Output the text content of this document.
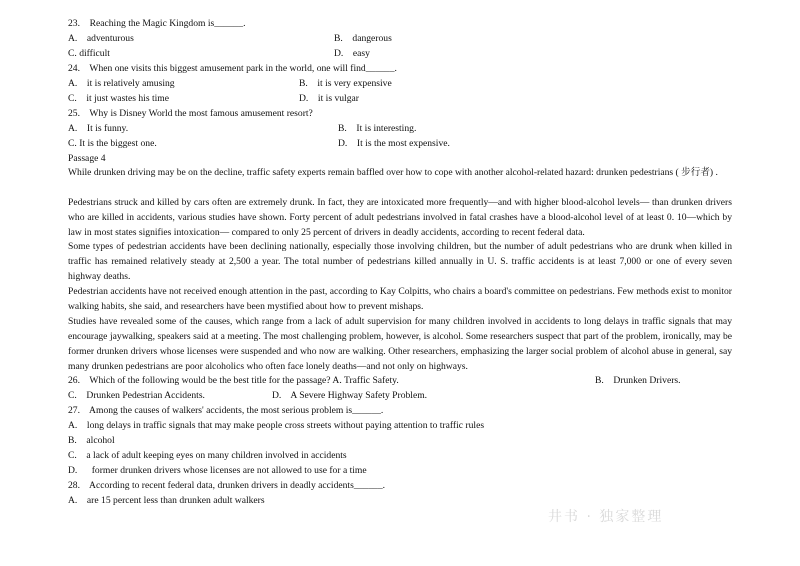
23.    Reaching the Magic Kingdom is______.
A.    adventurous	B.    dangerous
C. difficult	D.    easy
24.    When one visits this biggest amusement park in the world, one will find______.
A.    it is relatively amusing	B.    it is very expensive
C.    it just wastes his time	D.    it is vulgar
25.    Why is Disney World the most famous amusement resort?
A.    It is funny.	B.    It is interesting.
C. It is the biggest one.	D.    It is the most expensive.
Passage 4
While drunken driving may be on the decline, traffic safety experts remain baffled over how to cope with another alcohol-related hazard: drunken pedestrians ( 步行者) .
Pedestrians struck and killed by cars often are extremely drunk. In fact, they are intoxicated more frequently—and with higher blood-alcohol levels— than drunken drivers who are killed in accidents, various studies have shown. Forty percent of adult pedestrians involved in fatal crashes have a blood-alcohol level of at least 0. 10—which by law in most states signifies intoxication— compared to only 25 percent of drivers in deadly accidents, according to recent federal data.
Some types of pedestrian accidents have been declining nationally, especially those involving children, but the number of adult pedestrians who are drunk when killed in traffic has remained relatively steady at 2,500 a year. The total number of pedestrians killed annually in U. S. traffic accidents is at least 7,000 or one of every seven highway deaths.
Pedestrian accidents have not received enough attention in the past, according to Kay Colpitts, who chairs a board's committee on pedestrians. Few methods exist to monitor walking habits, she said, and researchers have been mystified about how to prevent mishaps.
Studies have revealed some of the causes, which range from a lack of adult supervision for many children involved in accidents to long delays in traffic signals that may encourage jaywalking, speakers said at a meeting. The most challenging problem, however, is alcohol. Some researchers suspect that part of the problem, ironically, may be former drunken drivers whose licenses were suspended and who now are walking. Other researchers, emphasizing the larger social problem of alcohol abuse in general, say many drunken pedestrians are poor alcoholics who often face lonely deaths—and not only on highways.
26.    Which of the following would be the best title for the passage? A. Traffic Safety.	B.    Drunken Drivers.
C.    Drunken Pedestrian Accidents.	D.    A Severe Highway Safety Problem.
27.    Among the causes of walkers' accidents, the most serious problem is______.
A.    long delays in traffic signals that may make people cross streets without paying attention to traffic rules
B.    alcohol
C.    a lack of adult keeping eyes on many children involved in accidents
D.      former drunken drivers whose licenses are not allowed to use for a time
28.    According to recent federal data, drunken drivers in deadly accidents______.
A.    are 15 percent less than drunken adult walkers
井书 · 独家整理
